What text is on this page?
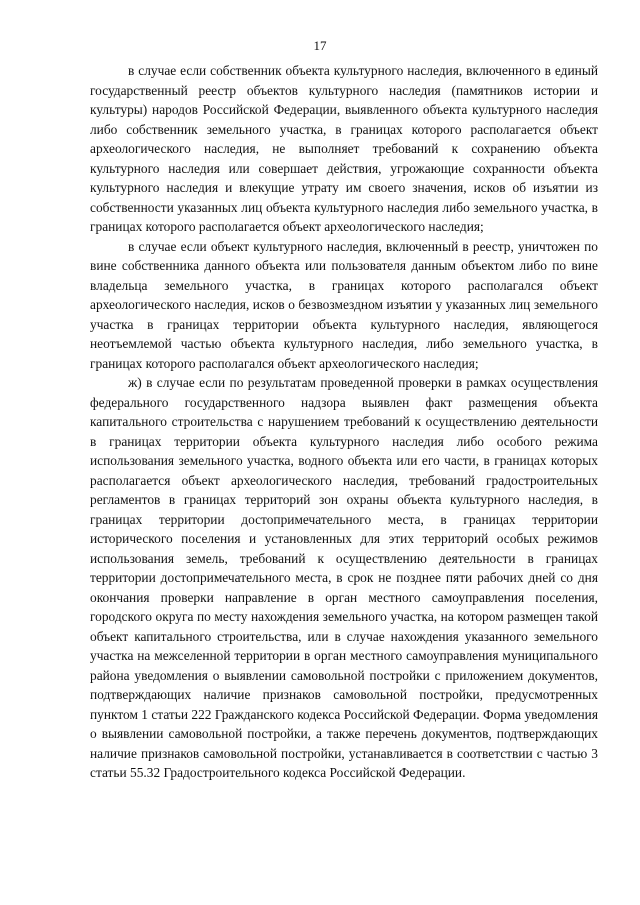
17

в случае если собственник объекта культурного наследия, включенного в единый государственный реестр объектов культурного наследия (памятников истории и культуры) народов Российской Федерации, выявленного объекта культурного наследия либо собственник земельного участка, в границах которого располагается объект археологического наследия, не выполняет требований к сохранению объекта культурного наследия или совершает действия, угрожающие сохранности объекта культурного наследия и влекущие утрату им своего значения, исков об изъятии из собственности указанных лиц объекта культурного наследия либо земельного участка, в границах которого располагается объект археологического наследия;

в случае если объект культурного наследия, включенный в реестр, уничтожен по вине собственника данного объекта или пользователя данным объектом либо по вине владельца земельного участка, в границах которого располагался объект археологического наследия, исков о безвозмездном изъятии у указанных лиц земельного участка в границах территории объекта культурного наследия, являющегося неотъемлемой частью объекта культурного наследия, либо земельного участка, в границах которого располагался объект археологического наследия;

ж) в случае если по результатам проведенной проверки в рамках осуществления федерального государственного надзора выявлен факт размещения объекта капитального строительства с нарушением требований к осуществлению деятельности в границах территории объекта культурного наследия либо особого режима использования земельного участка, водного объекта или его части, в границах которых располагается объект археологического наследия, требований градостроительных регламентов в границах территорий зон охраны объекта культурного наследия, в границах территории достопримечательного места, в границах территории исторического поселения и установленных для этих территорий особых режимов использования земель, требований к осуществлению деятельности в границах территории достопримечательного места, в срок не позднее пяти рабочих дней со дня окончания проверки направление в орган местного самоуправления поселения, городского округа по месту нахождения земельного участка, на котором размещен такой объект капитального строительства, или в случае нахождения указанного земельного участка на межселенной территории в орган местного самоуправления муниципального района уведомления о выявлении самовольной постройки с приложением документов, подтверждающих наличие признаков самовольной постройки, предусмотренных пунктом 1 статьи 222 Гражданского кодекса Российской Федерации. Форма уведомления о выявлении самовольной постройки, а также перечень документов, подтверждающих наличие признаков самовольной постройки, устанавливается в соответствии с частью 3 статьи 55.32 Градостроительного кодекса Российской Федерации.
